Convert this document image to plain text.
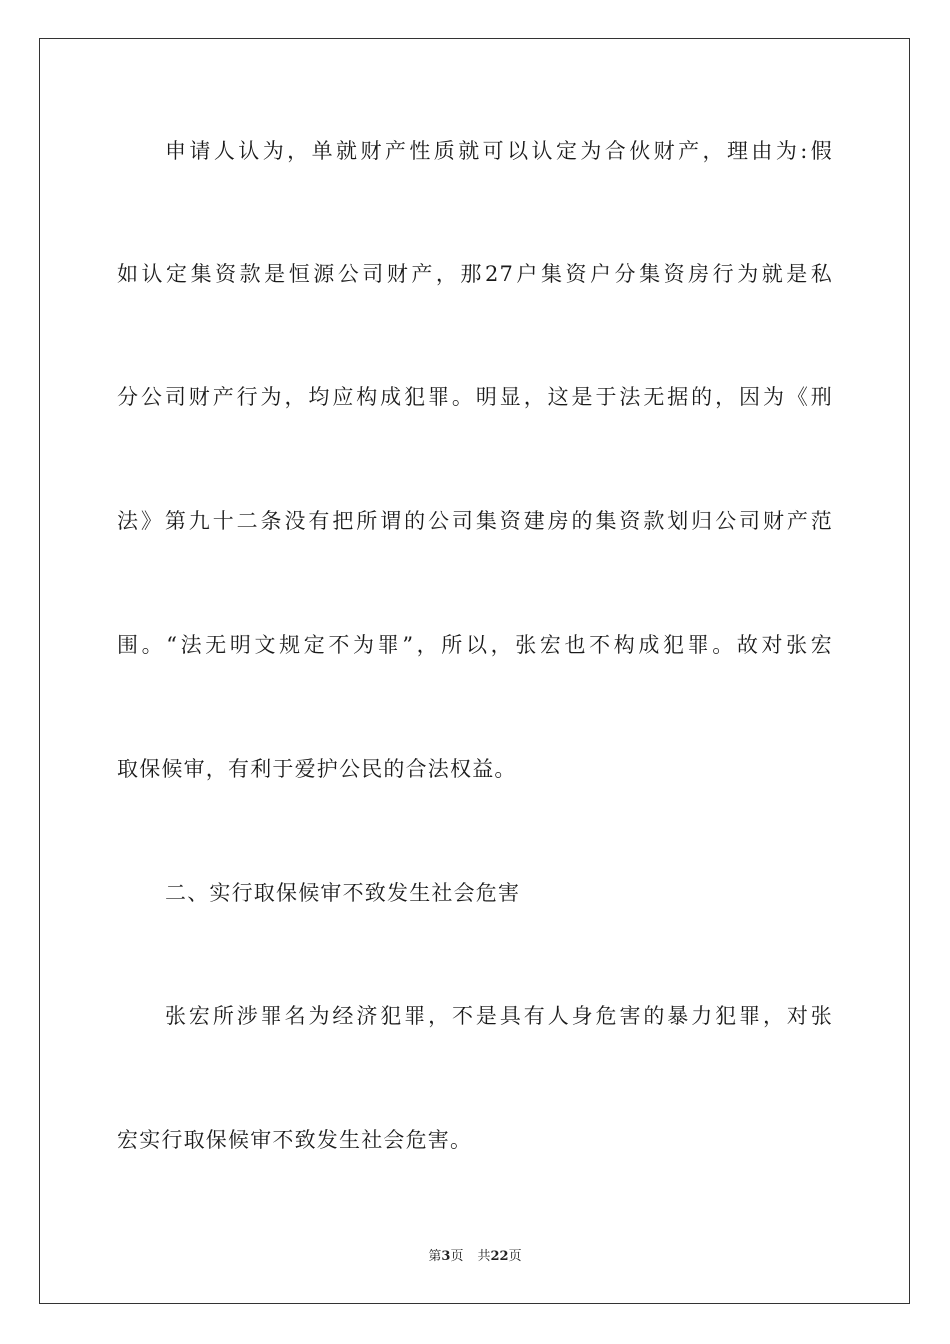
申请人认为，单就财产性质就可以认定为合伙财产，理由为:假
如认定集资款是恒源公司财产，那27户集资户分集资房行为就是私
分公司财产行为，均应构成犯罪。明显，这是于法无据的，因为《刑
法》第九十二条没有把所谓的公司集资建房的集资款划归公司财产范
围。“法无明文规定不为罪”，所以，张宏也不构成犯罪。故对张宏
取保候审，有利于爱护公民的合法权益。
二、实行取保候审不致发生社会危害
张宏所涉罪名为经济犯罪，不是具有人身危害的暴力犯罪，对张
宏实行取保候审不致发生社会危害。
第3页 共22页
